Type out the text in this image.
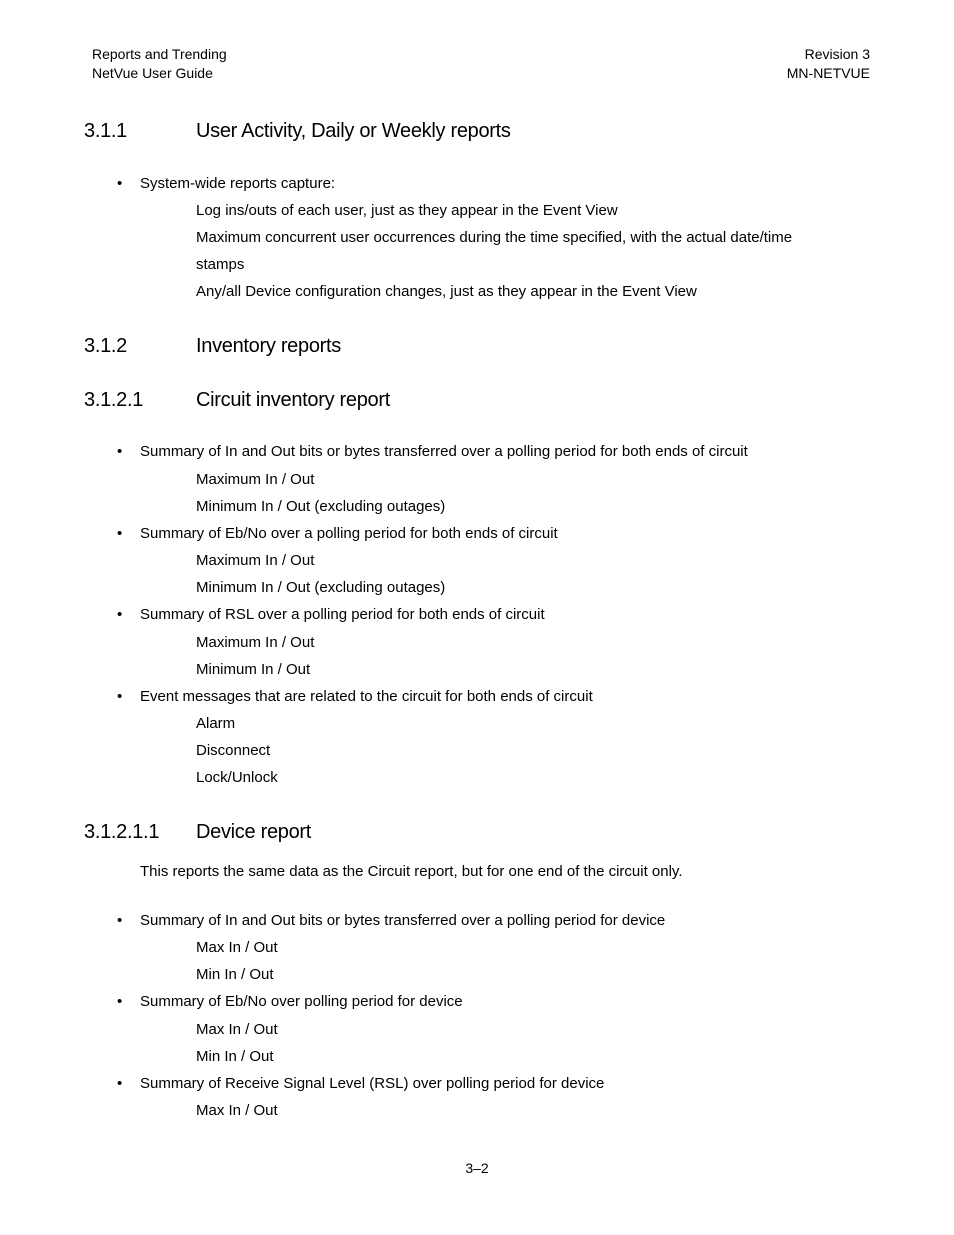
Reports and Trending
NetVue User Guide
Revision 3
MN-NETVUE
3.1.1	User Activity, Daily or Weekly reports
• System-wide reports capture:
Log ins/outs of each user, just as they appear in the Event View
Maximum concurrent user occurrences during the time specified, with the actual date/time
stamps
Any/all Device configuration changes, just as they appear in the Event View
3.1.2	Inventory reports
3.1.2.1	Circuit inventory report
• Summary of In and Out bits or bytes transferred over a polling period for both ends of circuit
Maximum In / Out
Minimum In / Out (excluding outages)
• Summary of Eb/No over a polling period for both ends of circuit
Maximum In / Out
Minimum In / Out (excluding outages)
• Summary of RSL over a polling period for both ends of circuit
Maximum In / Out
Minimum In / Out
• Event messages that are related to the circuit for both ends of circuit
Alarm
Disconnect
Lock/Unlock
3.1.2.1.1 Device report
This reports the same data as the Circuit report, but for one end of the circuit only.
• Summary of In and Out bits or bytes transferred over a polling period for device
Max In / Out
Min In / Out
• Summary of Eb/No over polling period for device
Max In / Out
Min In / Out
• Summary of Receive Signal Level (RSL) over polling period for device
Max In / Out
3–2
